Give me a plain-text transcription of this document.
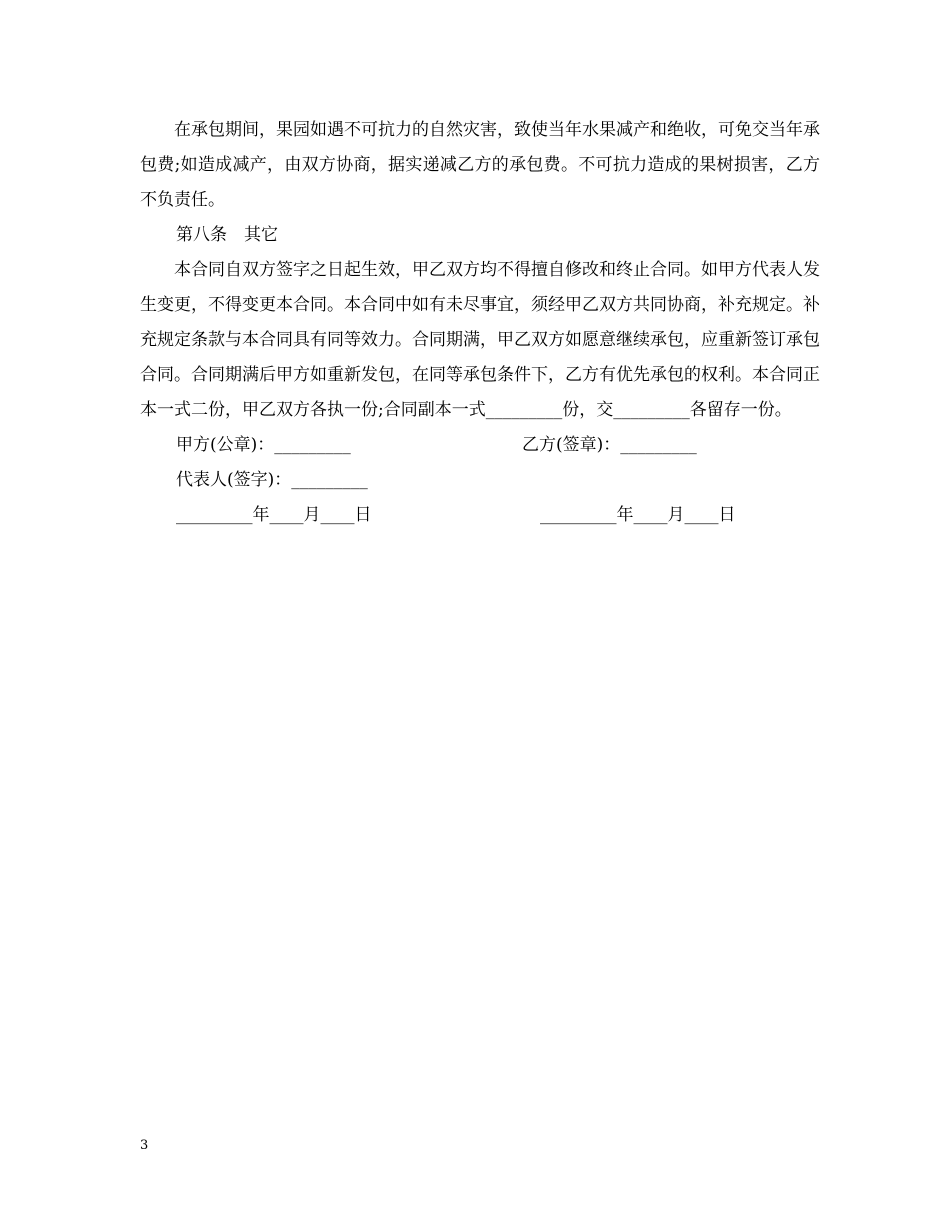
在承包期间，果园如遇不可抗力的自然灾害，致使当年水果减产和绝收，可免交当年承包费;如造成减产，由双方协商，据实递减乙方的承包费。不可抗力造成的果树损害，乙方不负责任。

第八条　其它

本合同自双方签字之日起生效，甲乙双方均不得擅自修改和终止合同。如甲方代表人发生变更，不得变更本合同。本合同中如有未尽事宜，须经甲乙双方共同协商，补充规定。补充规定条款与本合同具有同等效力。合同期满，甲乙双方如愿意继续承包，应重新签订承包合同。合同期满后甲方如重新发包，在同等承包条件下，乙方有优先承包的权利。本合同正本一式二份，甲乙双方各执一份;合同副本一式_________份，交_________各留存一份。

甲方(公章)：_________

	乙方(签章)：_________

代表人(签字)：_________

_________年____月____日

	_________年____月____日

3
